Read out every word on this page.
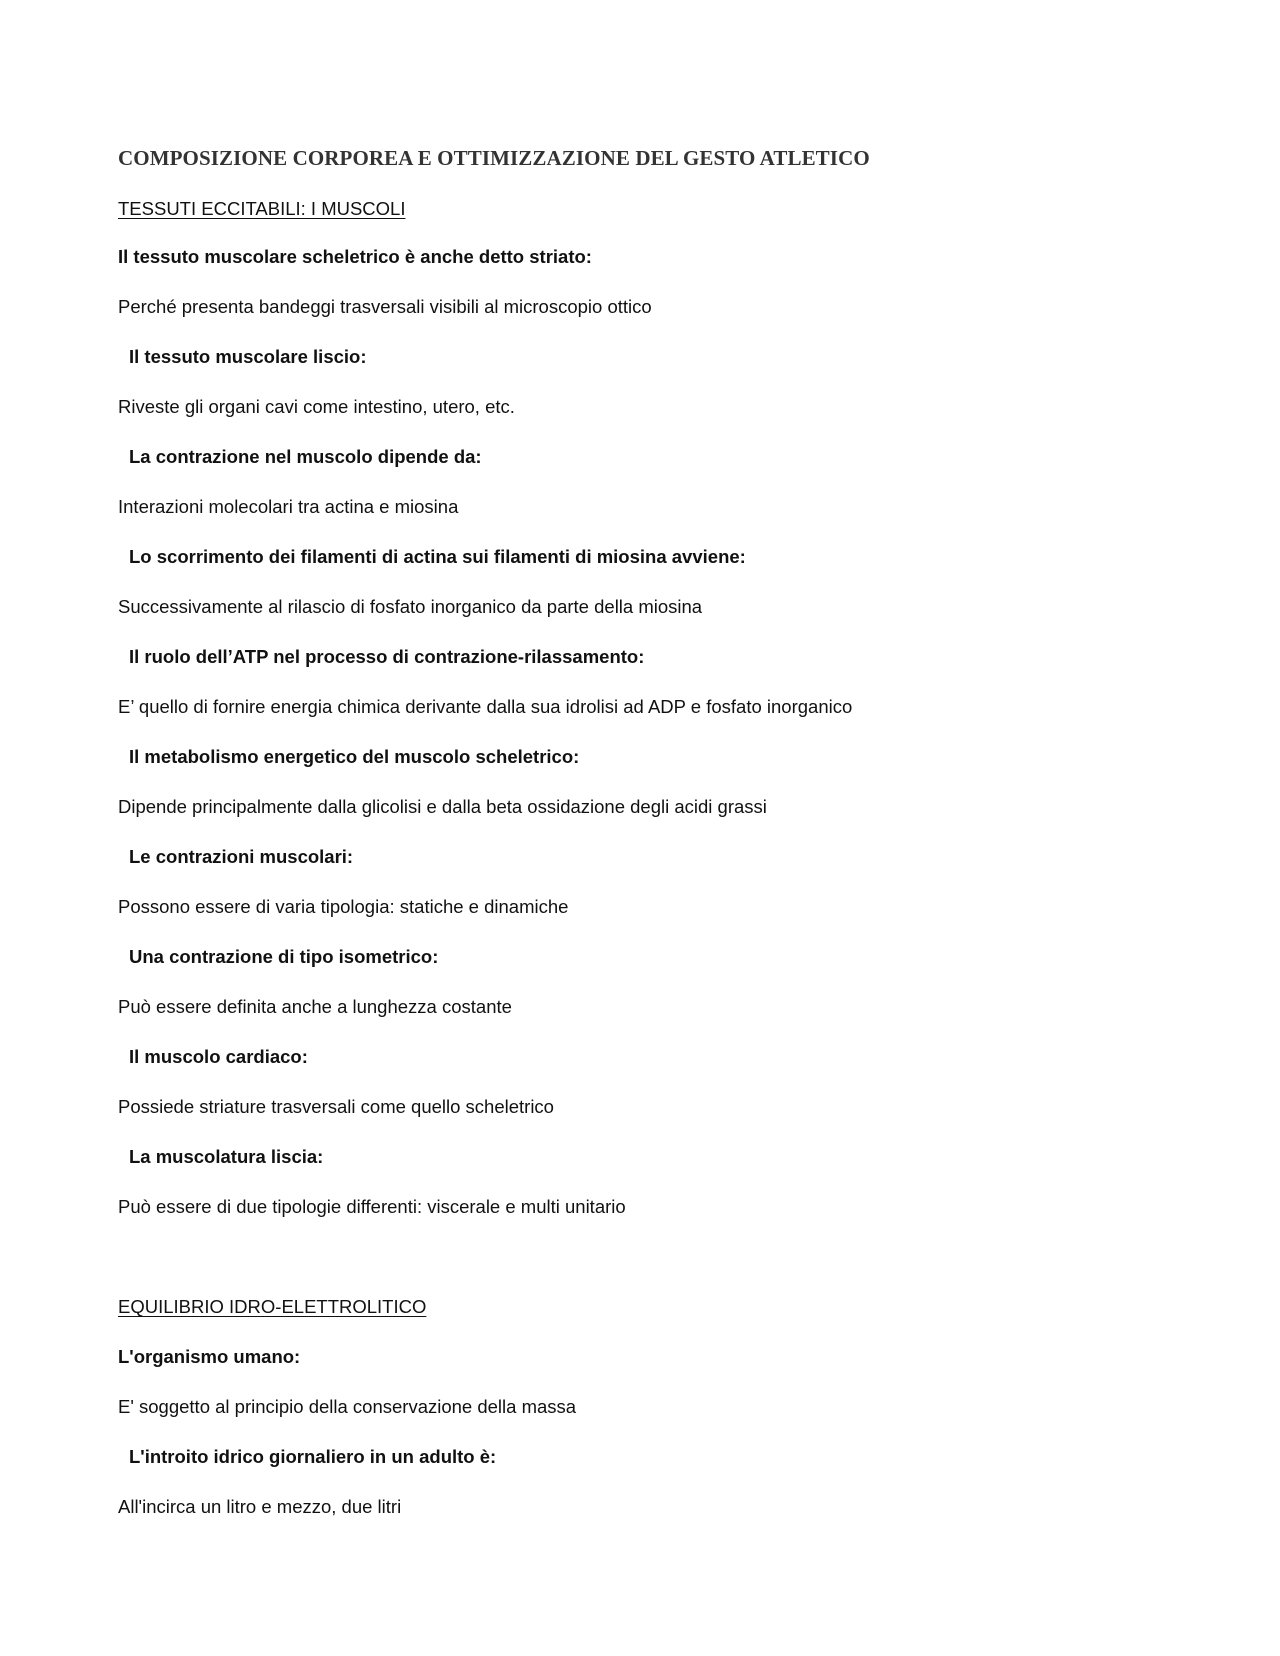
COMPOSIZIONE CORPOREA E OTTIMIZZAZIONE DEL GESTO ATLETICO
TESSUTI ECCITABILI: I MUSCOLI
Il tessuto muscolare scheletrico è anche detto striato:
Perché presenta bandeggi trasversali visibili al microscopio ottico
Il tessuto muscolare liscio:
Riveste gli organi cavi come intestino, utero, etc.
La contrazione nel muscolo dipende da:
Interazioni molecolari tra actina e miosina
Lo scorrimento dei filamenti di actina sui filamenti di miosina avviene:
Successivamente al rilascio di fosfato inorganico da parte della miosina
Il ruolo dell’ATP nel processo di contrazione-rilassamento:
E’ quello di fornire energia chimica derivante dalla sua idrolisi ad ADP e fosfato inorganico
Il metabolismo energetico del muscolo scheletrico:
Dipende principalmente dalla glicolisi e dalla beta ossidazione degli acidi grassi
Le contrazioni muscolari:
Possono essere di varia tipologia: statiche e dinamiche
Una contrazione di tipo isometrico:
Può essere definita anche a lunghezza costante
Il muscolo cardiaco:
Possiede striature trasversali come quello scheletrico
La muscolatura liscia:
Può essere di due tipologie differenti: viscerale e multi unitario
EQUILIBRIO IDRO-ELETTROLITICO
L'organismo umano:
E' soggetto al principio della conservazione della massa
L'introito idrico giornaliero in un adulto è:
All'incirca un litro e mezzo, due litri
